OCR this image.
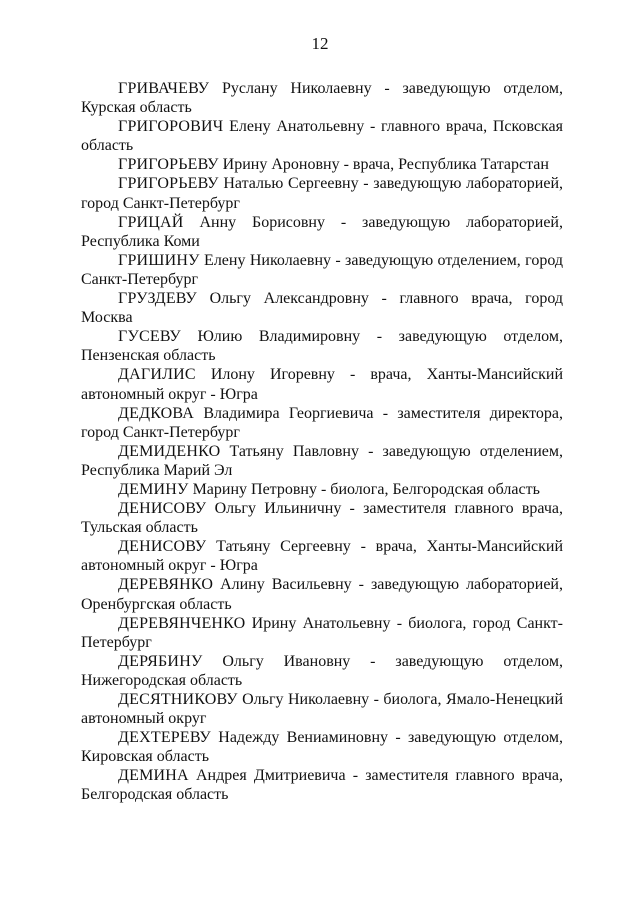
12

ГРИВАЧЕВУ Руслану Николаевну - заведующую отделом, Курская область

ГРИГОРОВИЧ Елену Анатольевну - главного врача, Псковская область

ГРИГОРЬЕВУ Ирину Ароновну - врача, Республика Татарстан

ГРИГОРЬЕВУ Наталью Сергеевну - заведующую лабораторией, город Санкт-Петербург

ГРИЦАЙ Анну Борисовну - заведующую лабораторией, Республика Коми

ГРИШИНУ Елену Николаевну - заведующую отделением, город Санкт-Петербург

ГРУЗДЕВУ Ольгу Александровну - главного врача, город Москва

ГУСЕВУ Юлию Владимировну - заведующую отделом, Пензенская область

ДАГИЛИС Илону Игоревну - врача, Ханты-Мансийский автономный округ - Югра

ДЕДКОВА Владимира Георгиевича - заместителя директора, город Санкт-Петербург

ДЕМИДЕНКО Татьяну Павловну - заведующую отделением, Республика Марий Эл

ДЕМИНУ Марину Петровну - биолога, Белгородская область

ДЕНИСОВУ Ольгу Ильиничну - заместителя главного врача, Тульская область

ДЕНИСОВУ Татьяну Сергеевну - врача, Ханты-Мансийский автономный округ - Югра

ДЕРЕВЯНКО Алину Васильевну - заведующую лабораторией, Оренбургская область

ДЕРЕВЯНЧЕНКО Ирину Анатольевну - биолога, город Санкт-Петербург

ДЕРЯБИНУ Ольгу Ивановну - заведующую отделом, Нижегородская область

ДЕСЯТНИКОВУ Ольгу Николаевну - биолога, Ямало-Ненецкий автономный округ

ДЕХТЕРЕВУ Надежду Вениаминовну - заведующую отделом, Кировская область

ДЕМИНА Андрея Дмитриевича - заместителя главного врача, Белгородская область
